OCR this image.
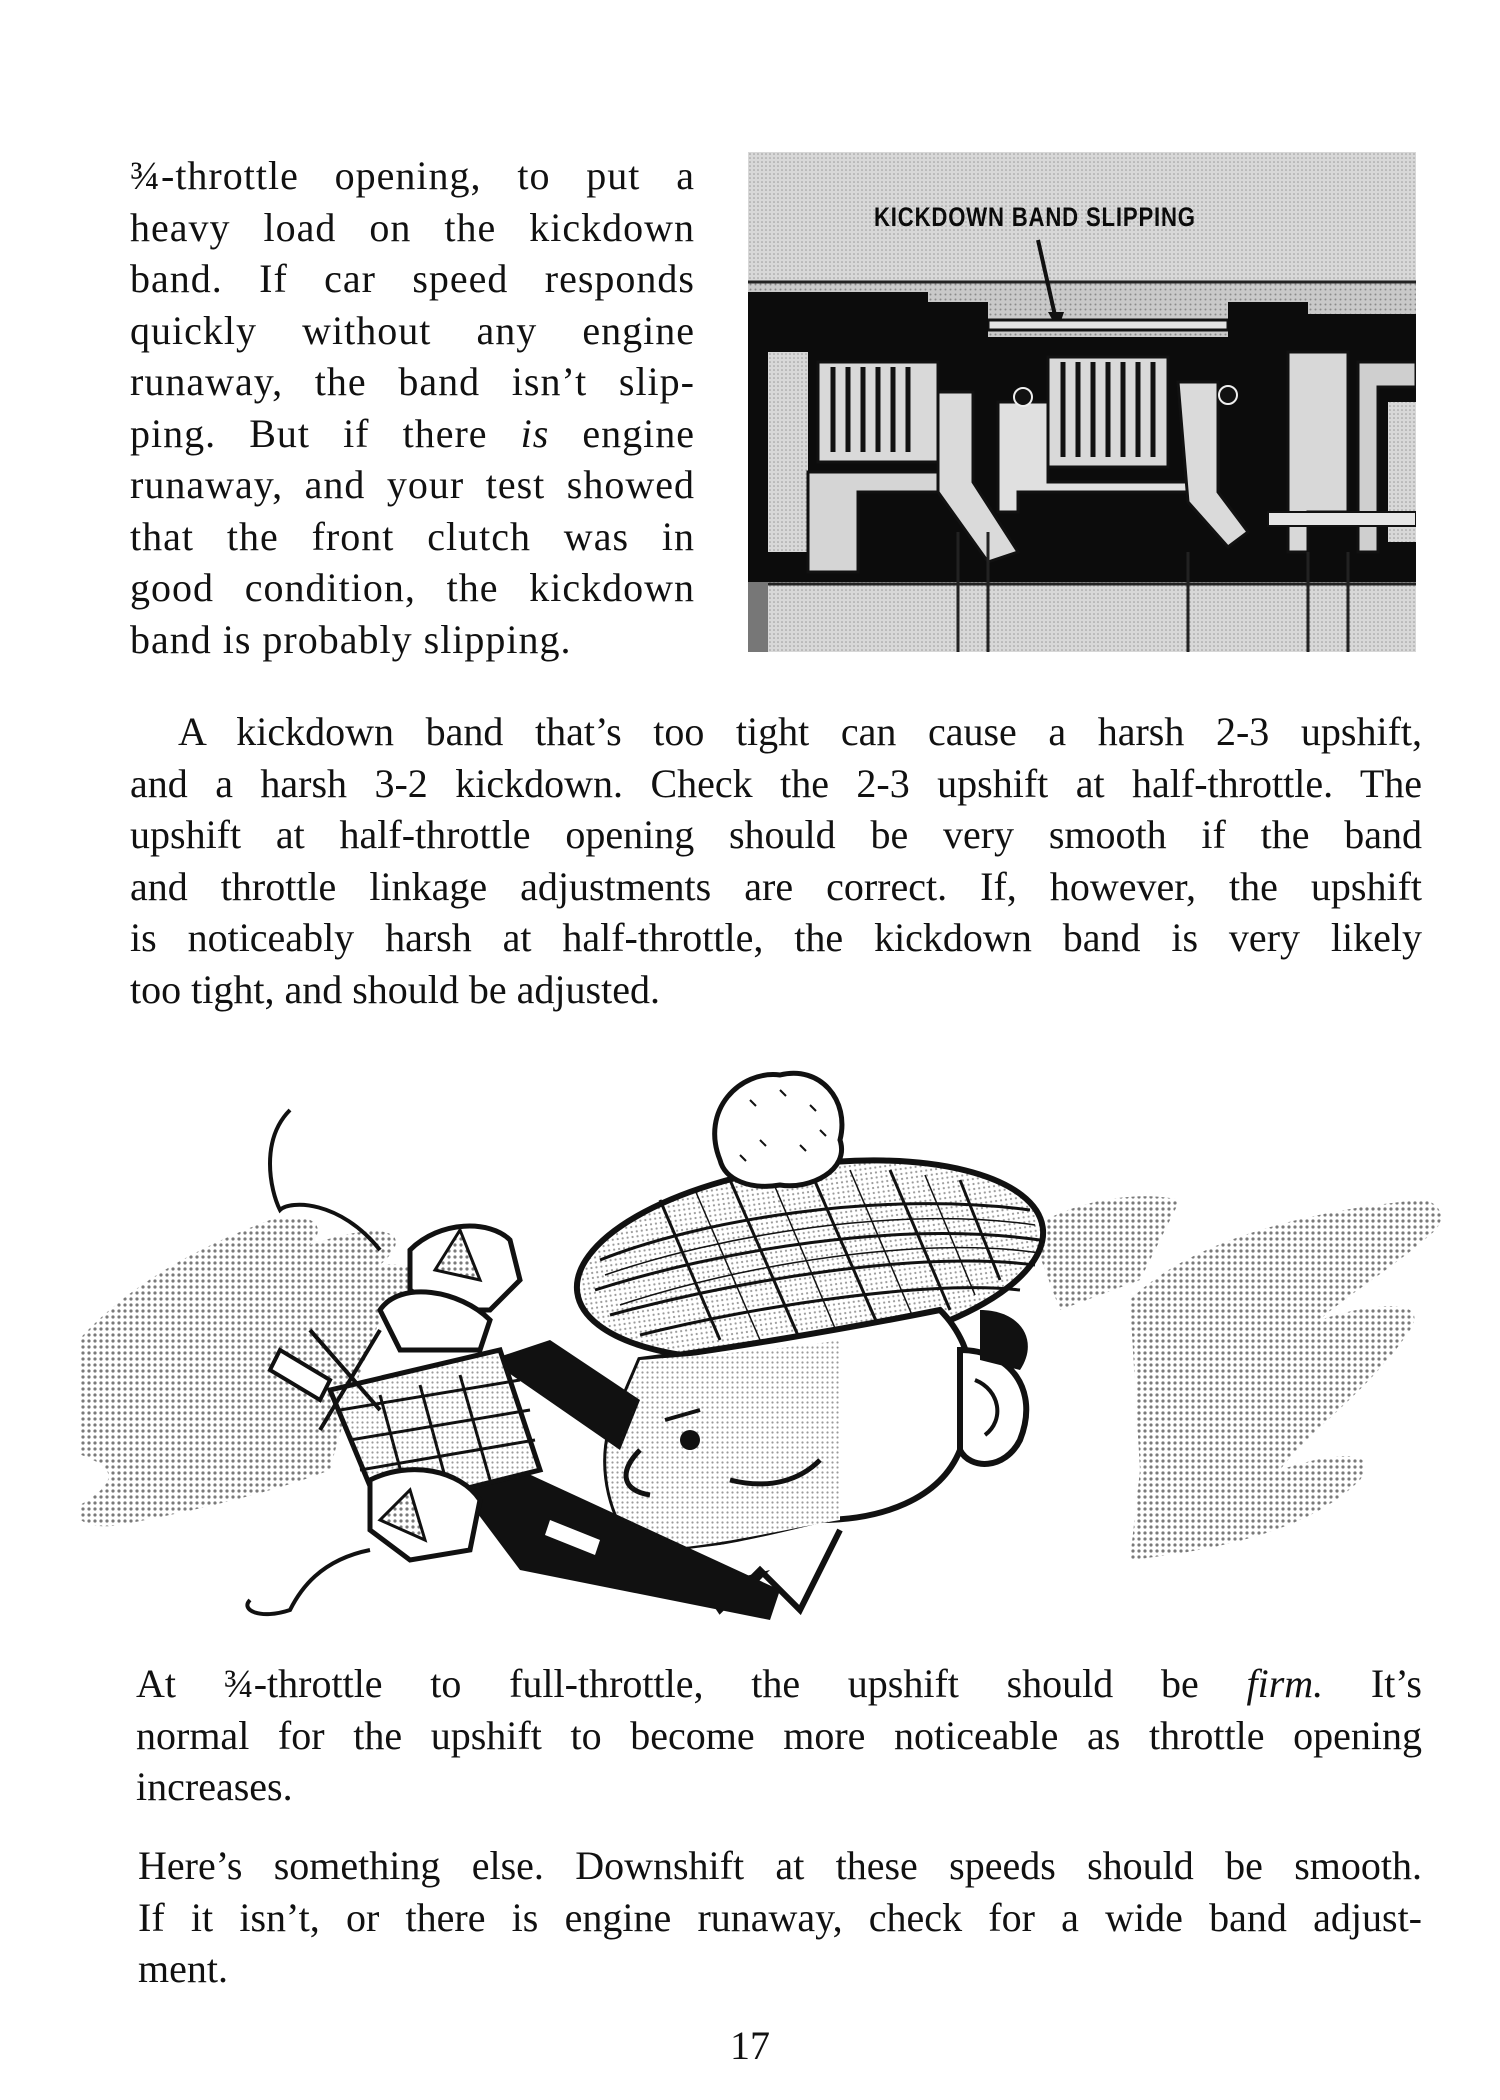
¾-throttle opening, to put a
heavy load on the kickdown
band. If car speed responds
quickly without any engine
runaway, the band isn’t slip-
ping. But if there is engine
runaway, and your test showed
that the front clutch was in
good condition, the kickdown
band is probably slipping.
KICKDOWN BAND SLIPPING
A kickdown band that’s too tight can cause a harsh 2-3 upshift,
and a harsh 3-2 kickdown. Check the 2-3 upshift at half-throttle. The
upshift at half-throttle opening should be very smooth if the band
and throttle linkage adjustments are correct. If, however, the upshift
is noticeably harsh at half-throttle, the kickdown band is very likely
too tight, and should be adjusted.
At ¾-throttle to full-throttle, the upshift should be firm. It’s
normal for the upshift to become more noticeable as throttle opening
increases.
Here’s something else. Downshift at these speeds should be smooth.
If it isn’t, or there is engine runaway, check for a wide band adjust-
ment.
17
